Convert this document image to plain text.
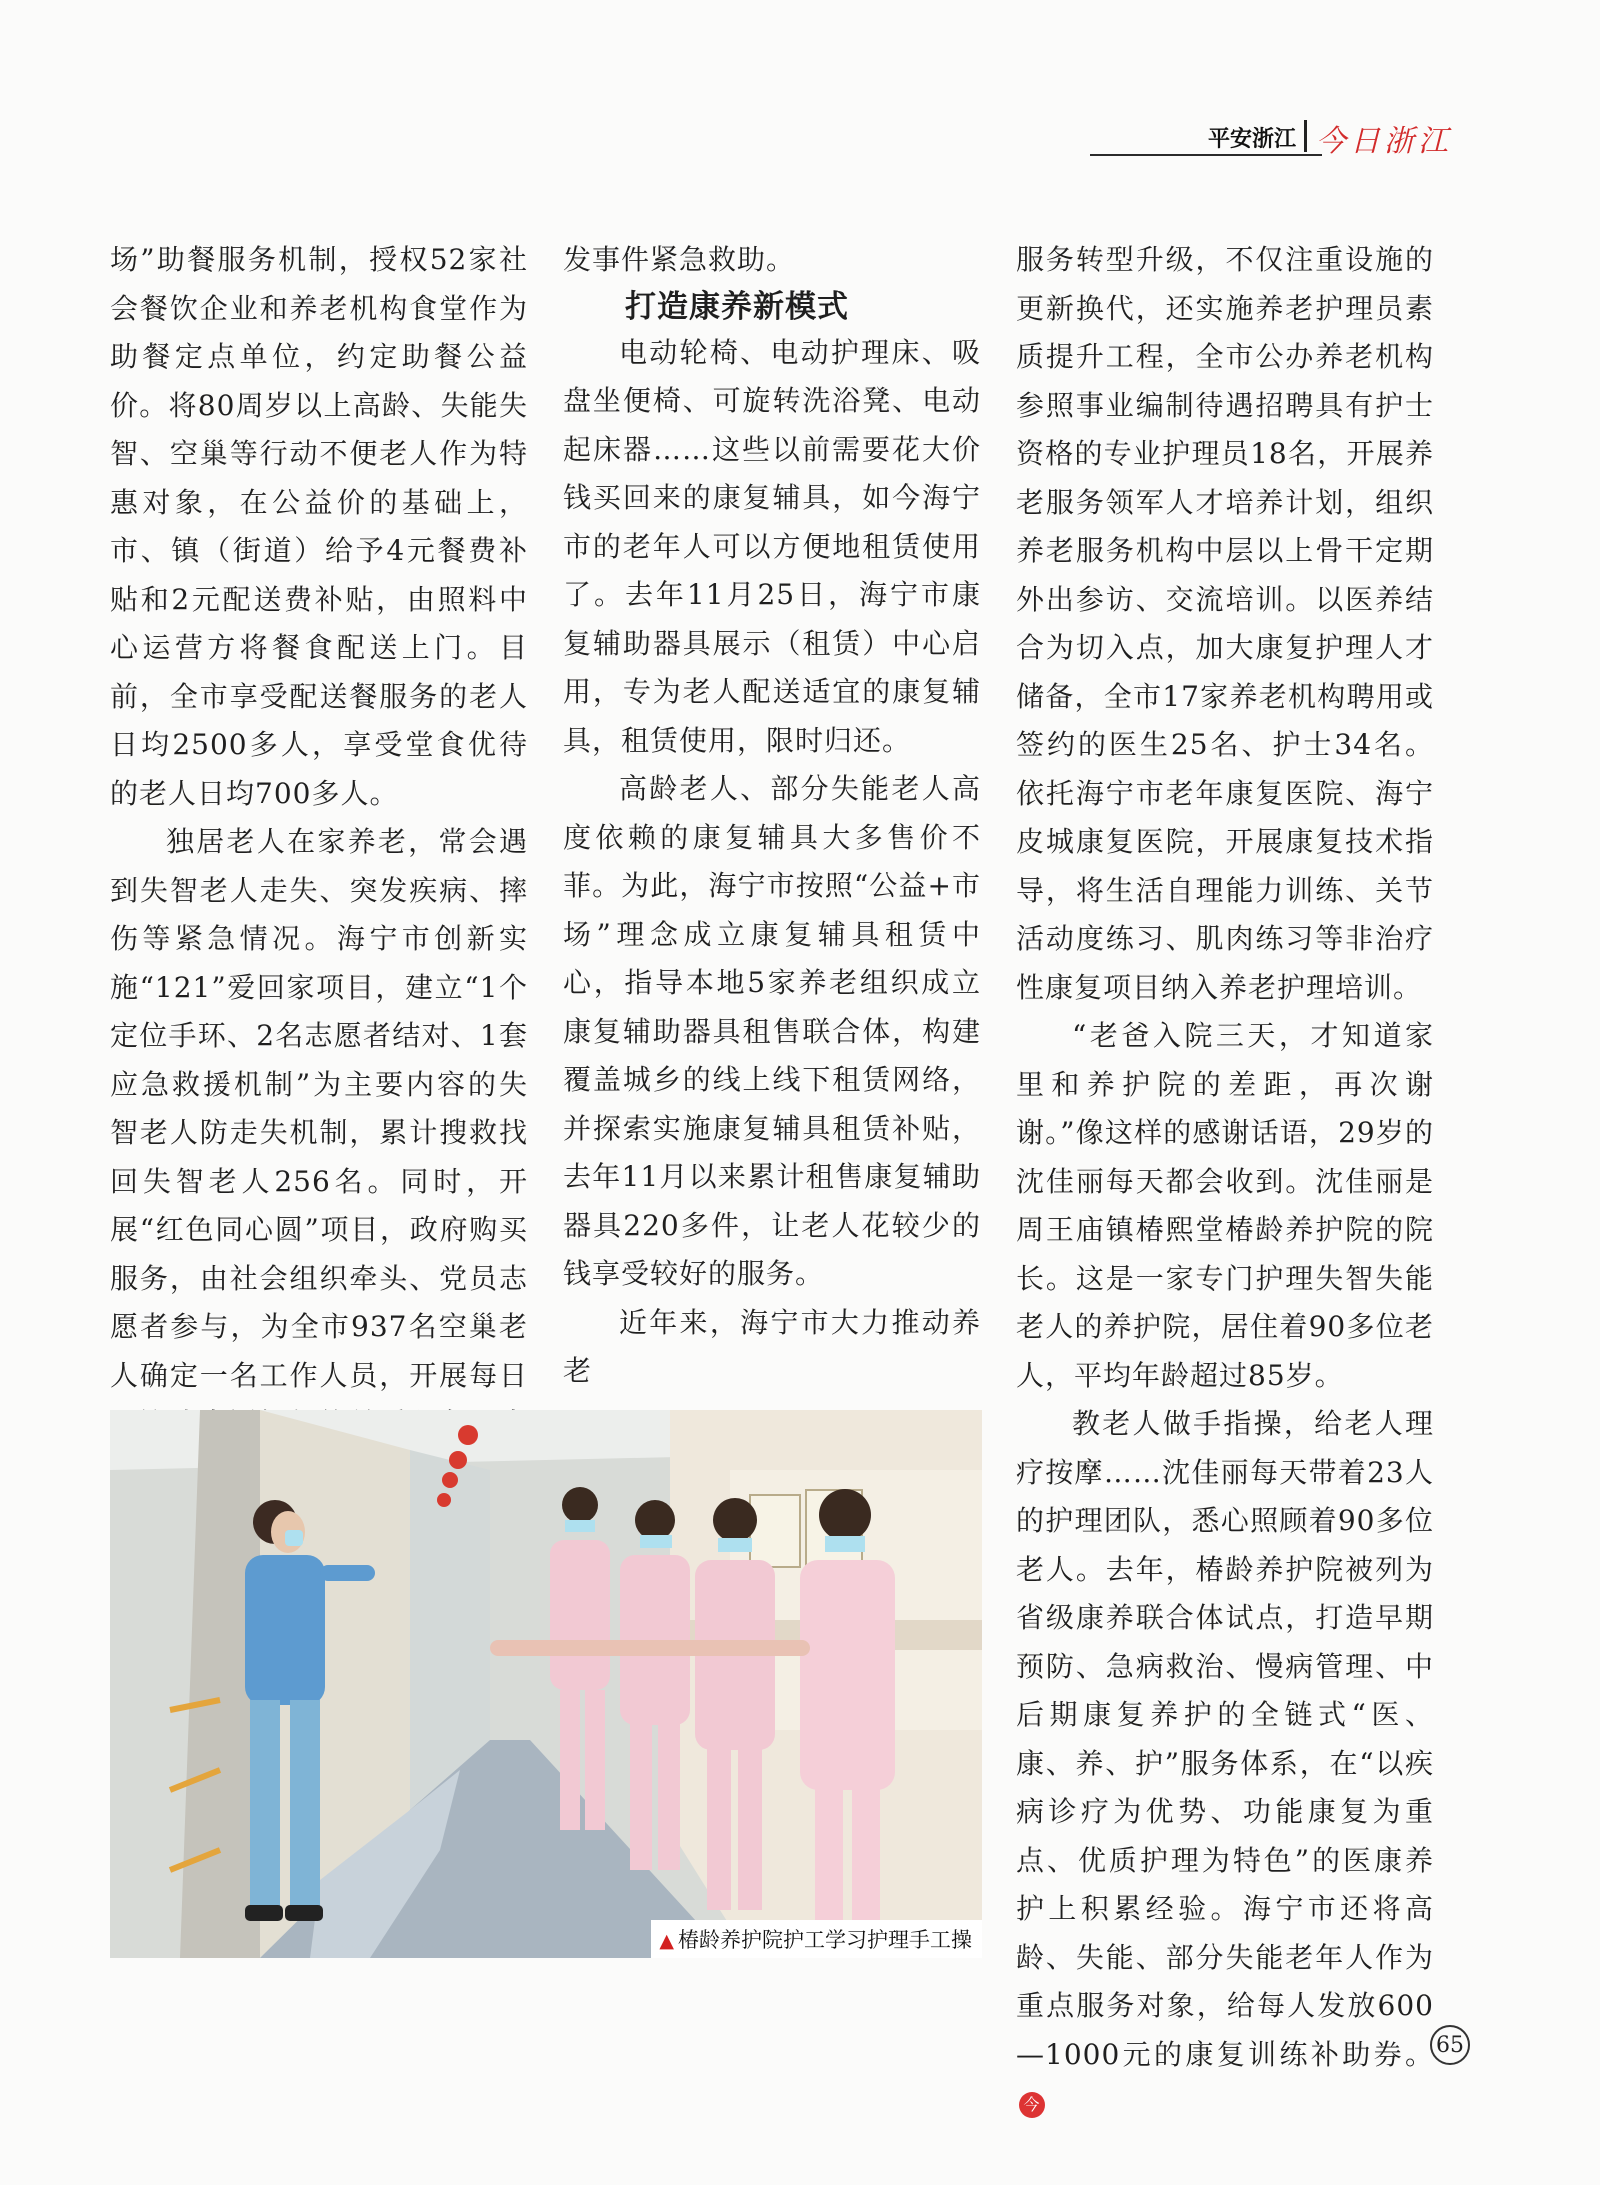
平安浙江 今日浙江

场”助餐服务机制，授权52家社会餐饮企业和养老机构食堂作为助餐定点单位，约定助餐公益价。将80周岁以上高龄、失能失智、空巢等行动不便老人作为特惠对象，在公益价的基础上，市、镇（街道）给予4元餐费补贴和2元配送费补贴，由照料中心运营方将餐食配送上门。目前，全市享受配送餐服务的老人日均2500多人，享受堂食优待的老人日均700多人。

独居老人在家养老，常会遇到失智老人走失、突发疾病、摔伤等紧急情况。海宁市创新实施“121”爱回家项目，建立“1个定位手环、2名志愿者结对、1套应急救援机制”为主要内容的失智老人防走失机制，累计搜救找回失智老人256名。同时，开展“红色同心圆”项目，政府购买服务，由社会组织牵头、党员志愿者参与，为全市937名空巢老人确定一名工作人员，开展每日

发事件紧急救助。

打造康养新模式

电动轮椅、电动护理床、吸盘坐便椅、可旋转洗浴凳、电动起床器……这些以前需要花大价钱买回来的康复辅具，如今海宁市的老年人可以方便地租赁使用了。去年11月25日，海宁市康复辅助器具展示（租赁）中心启用，专为老人配送适宜的康复辅具，租赁使用，限时归还。

高龄老人、部分失能老人高度依赖的康复辅具大多售价不菲。为此，海宁市按照“公益+市场”理念成立康复辅具租赁中心，指导本地5家养老组织成立康复辅助器具租售联合体，构建覆盖城乡的线上线下租赁网络，并探索实施康复辅具租赁补贴，去年11月以来累计租售康复辅助器具220多件，让老人花较少的钱享受较好的服务。

近年来，海宁市大力推动养老

服务转型升级，不仅注重设施的更新换代，还实施养老护理员素质提升工程，全市公办养老机构参照事业编制待遇招聘具有护士资格的专业护理员18名，开展养老服务领军人才培养计划，组织养老服务机构中层以上骨干定期外出参访、交流培训。以医养结合为切入点，加大康复护理人才储备，全市17家养老机构聘用或签约的医生25名、护士34名。依托海宁市老年康复医院、海宁皮城康复医院，开展康复技术指导，将生活自理能力训练、关节活动度练习、肌肉练习等非治疗性康复项目纳入养老护理培训。

“老爸入院三天，才知道家里和养护院的差距，再次谢谢。”像这样的感谢话语，29岁的沈佳丽每天都会收到。沈佳丽是周王庙镇椿熙堂椿龄养护院的院长。这是一家专门护理失智失能老人的养护院，居住着90多位老人，平均年龄超过85岁。

教老人做手指操，给老人理疗按摩……沈佳丽每天带着23人的护理团队，悉心照顾着90多位老人。去年，椿龄养护院被列为省级康养联合体试点，打造早期预防、急病救治、慢病管理、中后期康复养护的全链式“医、康、养、护”服务体系，在“以疾病诊疗为优势、功能康复为重点、优质护理为特色”的医康养护上积累经验。海宁市还将高龄、失能、部分失能老年人作为重点服务对象，给每人发放600—1000元的康复训练补助券。今

▲ 椿龄养护院护工学习护理手工操
65
